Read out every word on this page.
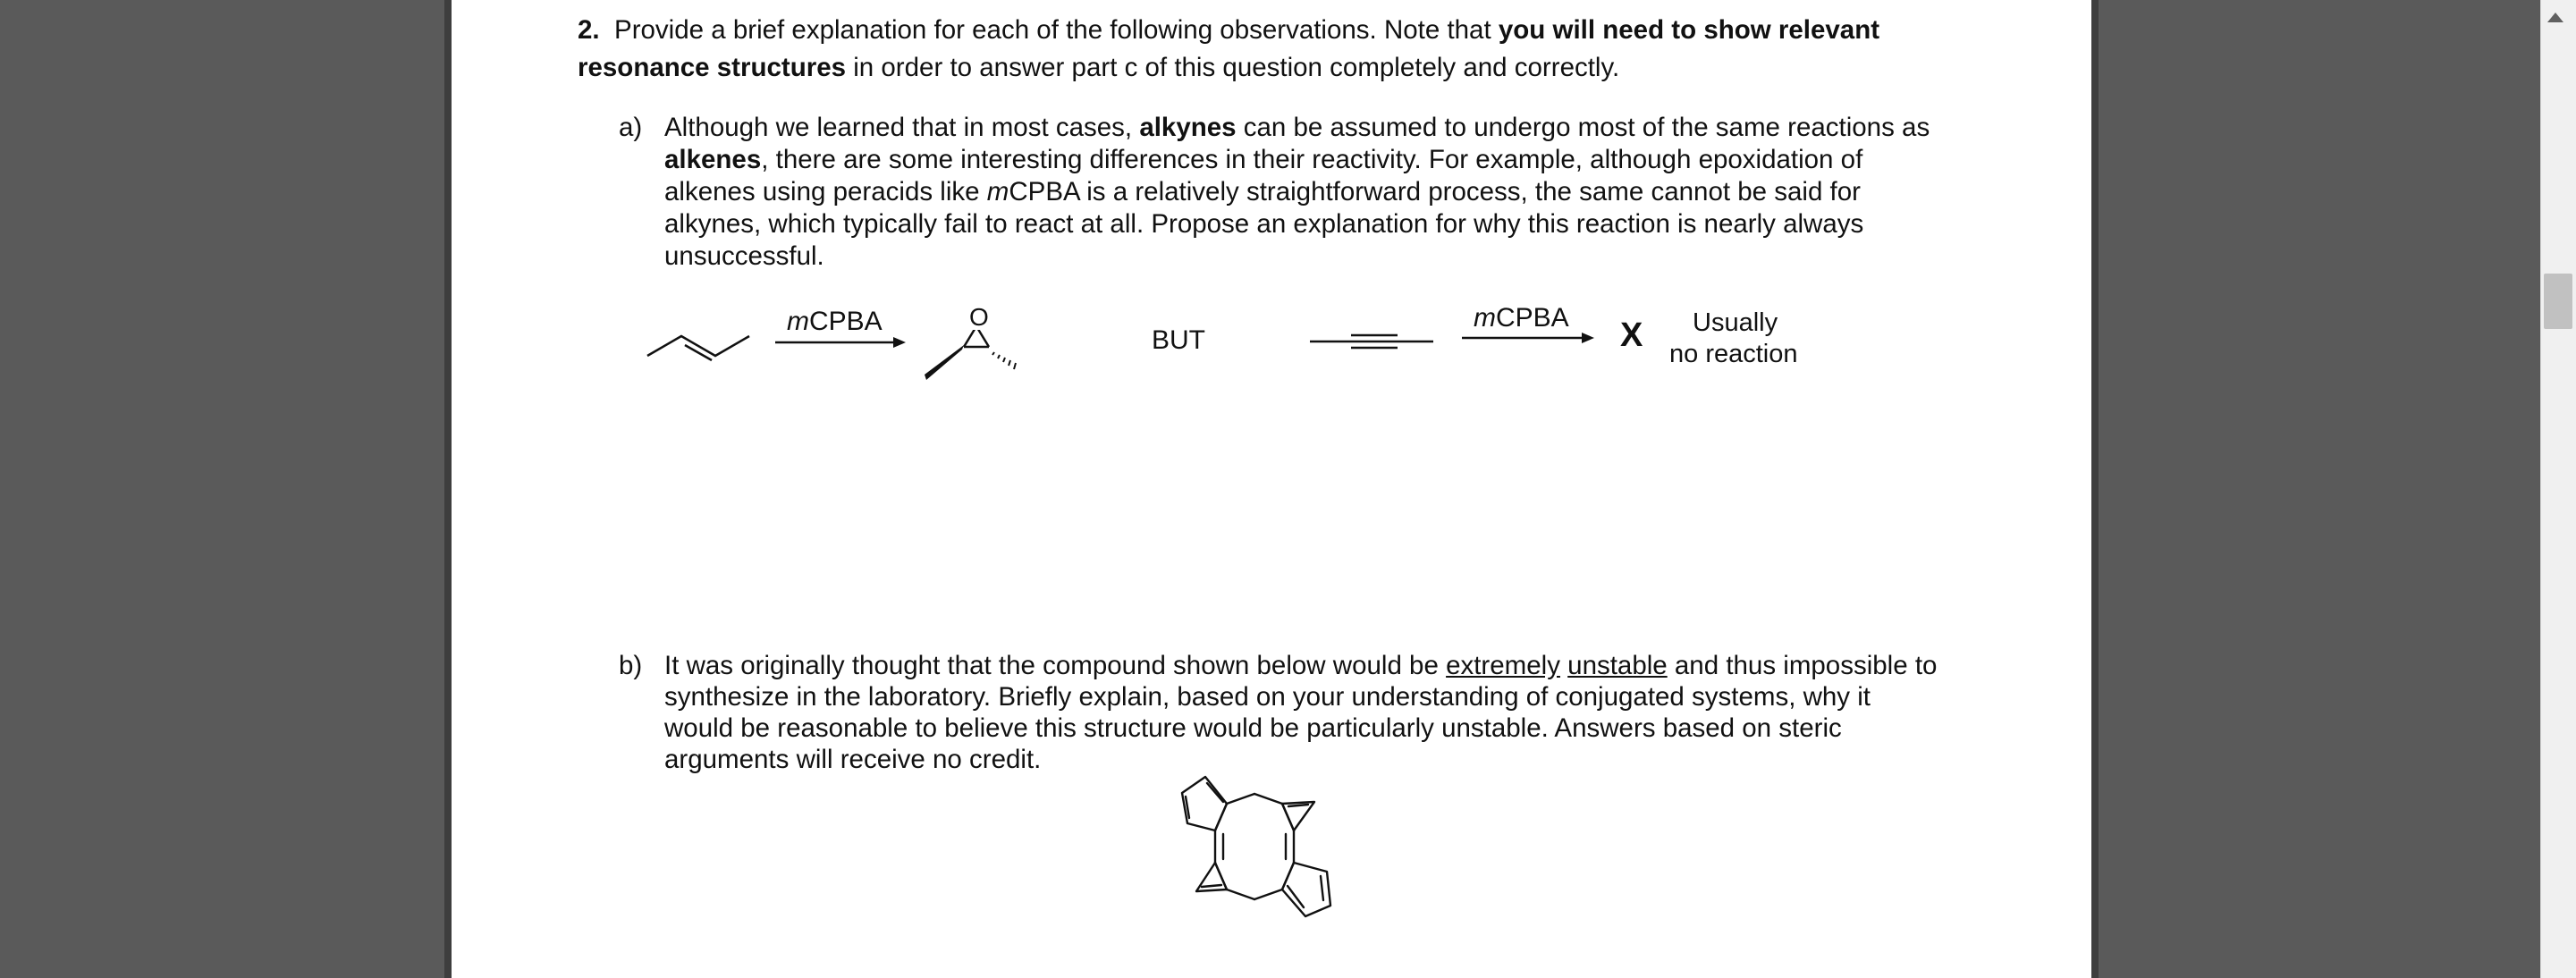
2. Provide a brief explanation for each of the following observations. Note that you will need to show relevant
resonance structures in order to answer part c of this question completely and correctly.
a) Although we learned that in most cases, alkynes can be assumed to undergo most of the same reactions as
alkenes, there are some interesting differences in their reactivity. For example, although epoxidation of
alkenes using peracids like mCPBA is a relatively straightforward process, the same cannot be said for
alkynes, which typically fail to react at all. Propose an explanation for why this reaction is nearly always
unsuccessful.
mCPBA	O
BUT
mCPBA X Usually
no reaction
b) It was originally thought that the compound shown below would be extremely unstable and thus impossible to
synthesize in the laboratory. Briefly explain, based on your understanding of conjugated systems, why it
would be reasonable to believe this structure would be particularly unstable. Answers based on steric
arguments will receive no credit.
